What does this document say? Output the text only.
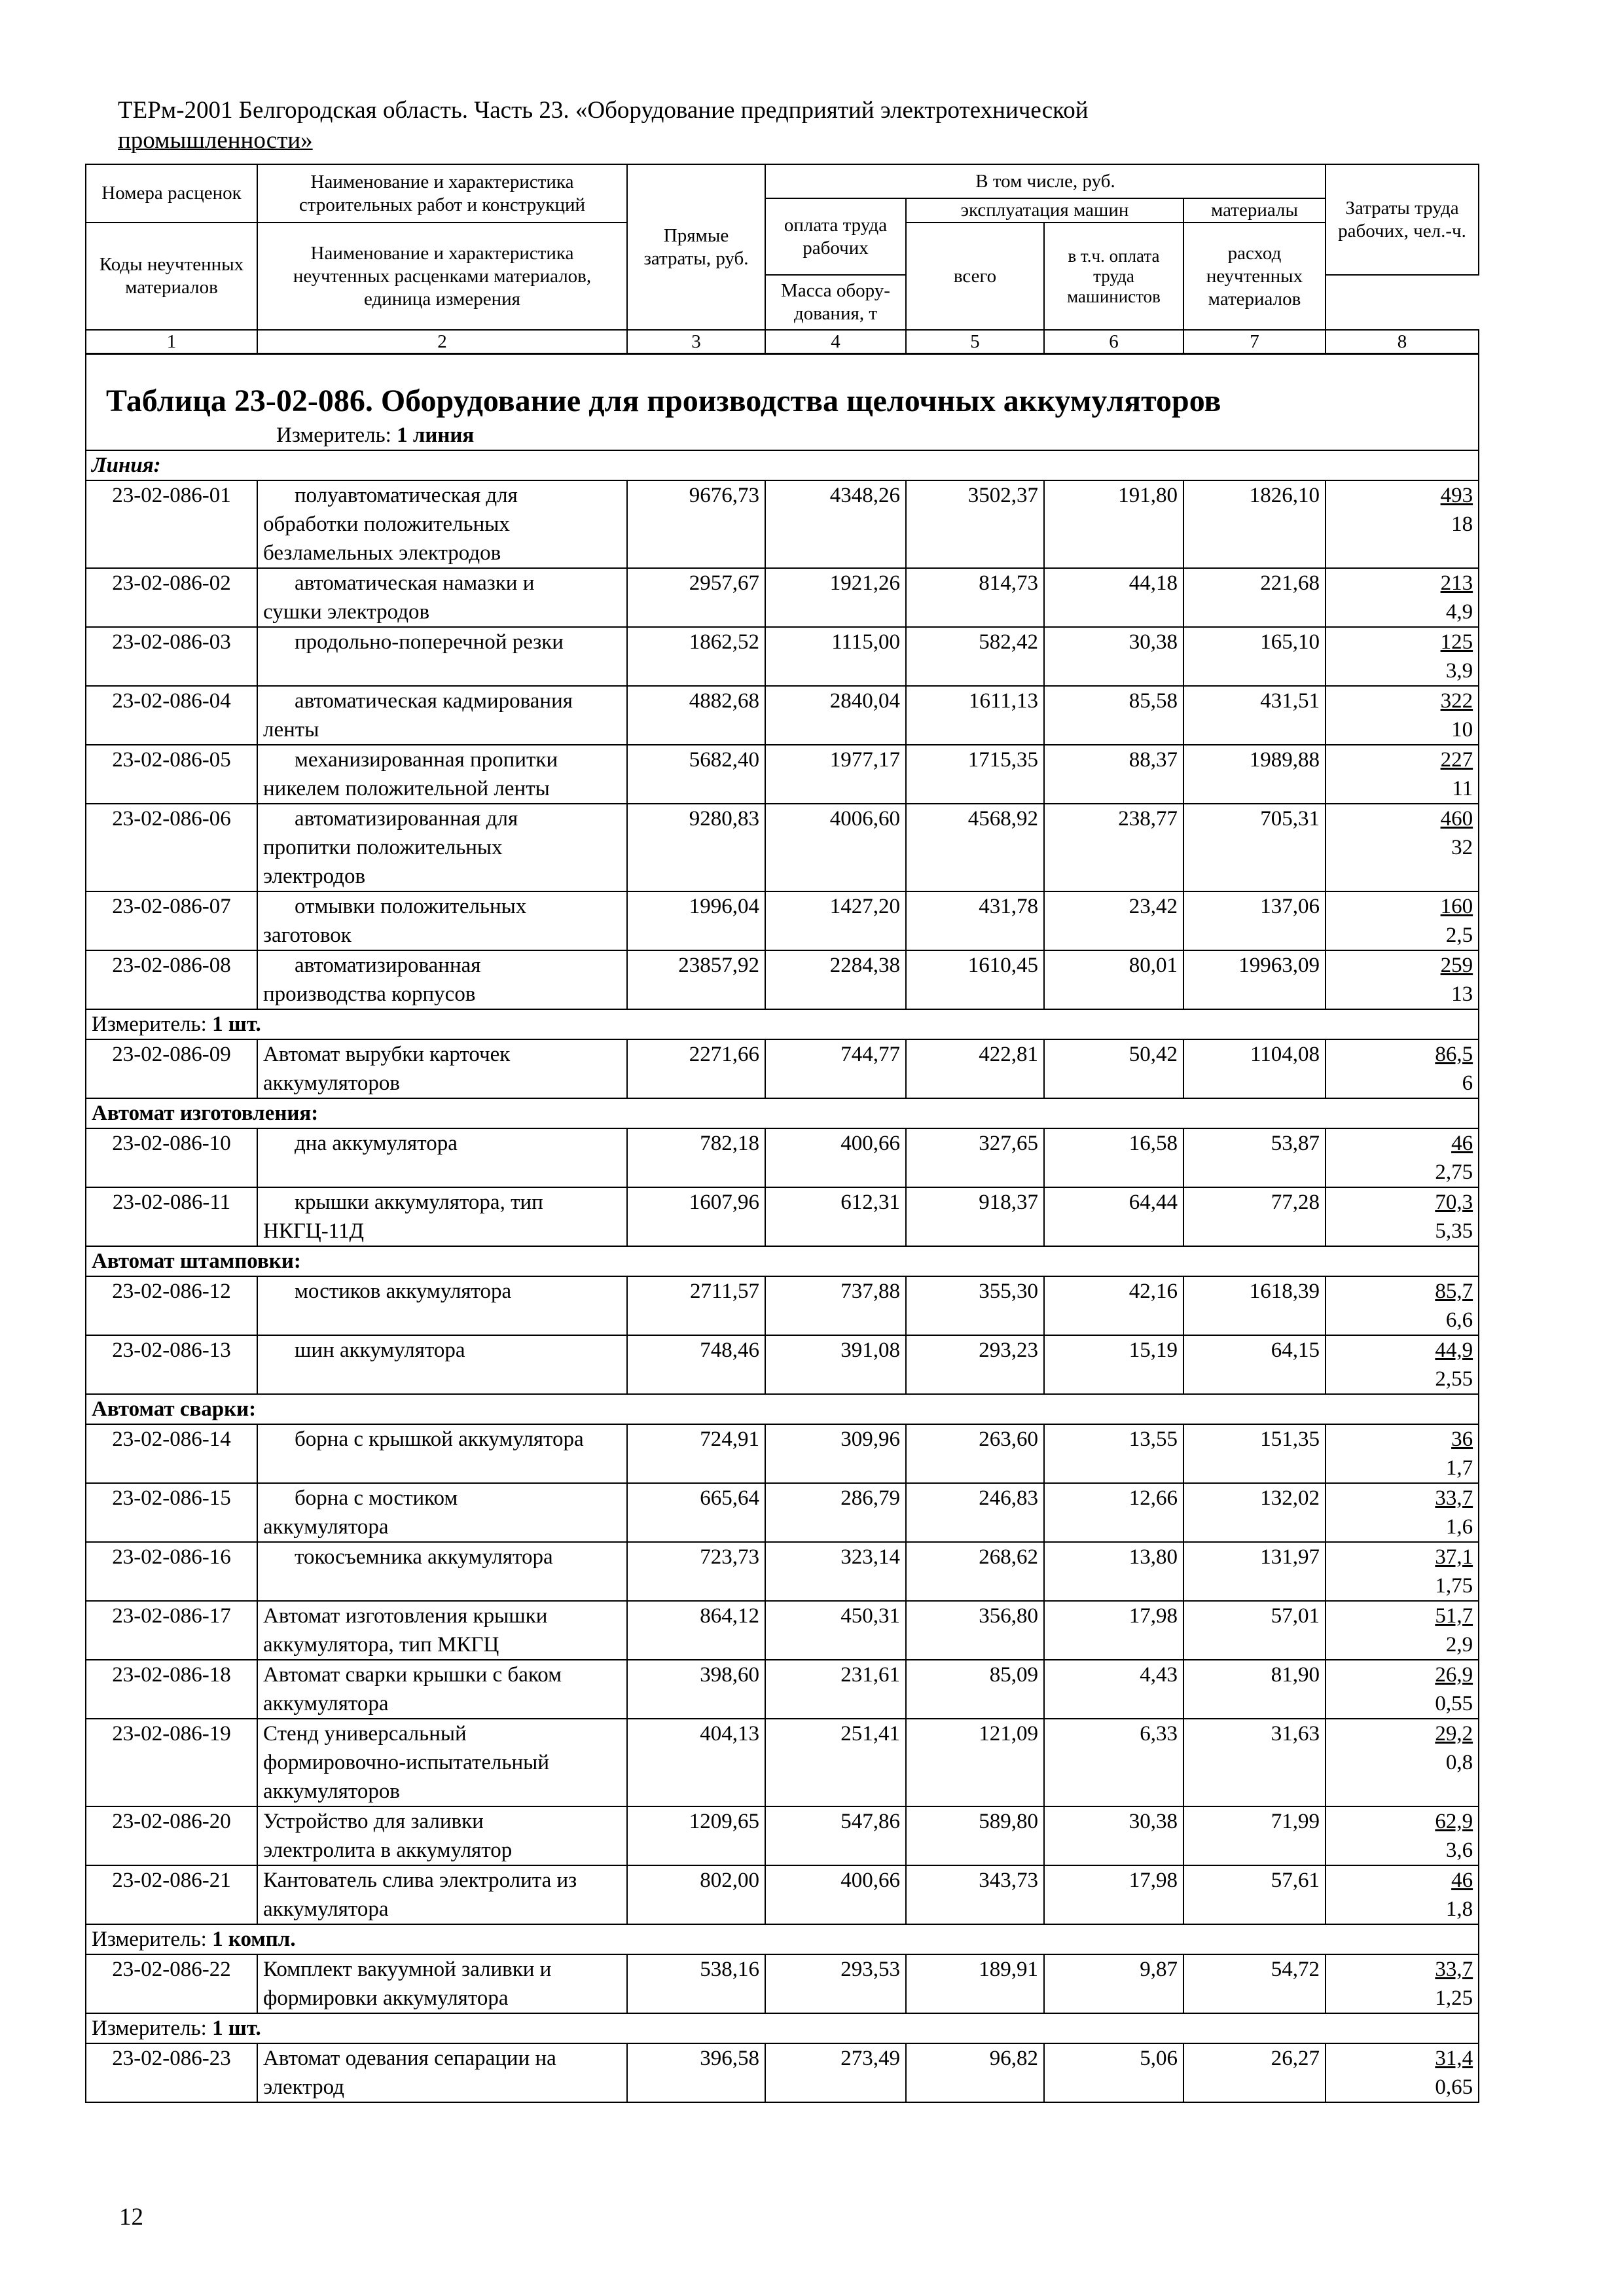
ТЕРм-2001 Белгородская область. Часть 23. «Оборудование предприятий электротехнической
промышленности»
Номера расценок	Наименование и характеристика строительных работ и конструкций	Прямые затраты, руб.	В том числе, руб.				Затраты труда рабочих, чел.-ч.
			оплата труда рабочих	эксплуатация машин		материалы	
Коды неучтенных материалов	Наименование и характеристика неучтенных расценками материалов, единица измерения			всего	в т.ч. оплата труда машинистов	расход неучтенных материалов	

			Масса обору-дования, т				
1	2	3	4	5	6	7	8
Таблица 23-02-086. Оборудование для производства щелочных аккумуляторов
Измеритель: 1 линия							

Линия:							
23-02-086-01	полуавтоматическая для
обработки положительных
безламельных электродов	9676,73	4348,26	3502,37	191,80	1826,10	493
18

23-02-086-02	автоматическая намазки и
сушки электродов	2957,67	1921,26	814,73	44,18	221,68	213
4,9

23-02-086-03	продольно-поперечной резки	1862,52	1115,00	582,42	30,38	165,10	125
3,9

23-02-086-04	автоматическая кадмирования
ленты	4882,68	2840,04	1611,13	85,58	431,51	322
10

23-02-086-05	механизированная пропитки
никелем положительной ленты	5682,40	1977,17	1715,35	88,37	1989,88	227
11

23-02-086-06	автоматизированная для
пропитки положительных
электродов	9280,83	4006,60	4568,92	238,77	705,31	460
32

23-02-086-07	отмывки положительных
заготовок	1996,04	1427,20	431,78	23,42	137,06	160
2,5

23-02-086-08	автоматизированная
производства корпусов	23857,92	2284,38	1610,45	80,01	19963,09	259
13

Измеритель: 1 шт.							
23-02-086-09	Автомат вырубки карточек
аккумуляторов	2271,66	744,77	422,81	50,42	1104,08	86,5
6

Автомат изготовления:							
23-02-086-10	дна аккумулятора	782,18	400,66	327,65	16,58	53,87	46
2,75

23-02-086-11	крышки аккумулятора, тип
НКГЦ-11Д	1607,96	612,31	918,37	64,44	77,28	70,3
5,35

Автомат штамповки:							
23-02-086-12	мостиков аккумулятора	2711,57	737,88	355,30	42,16	1618,39	85,7
6,6

23-02-086-13	шин аккумулятора	748,46	391,08	293,23	15,19	64,15	44,9
2,55

Автомат сварки:							
23-02-086-14	борна с крышкой аккумулятора	724,91	309,96	263,60	13,55	151,35	36
1,7

23-02-086-15	борна с мостиком
аккумулятора	665,64	286,79	246,83	12,66	132,02	33,7
1,6

23-02-086-16	токосъемника аккумулятора	723,73	323,14	268,62	13,80	131,97	37,1
1,75

23-02-086-17	Автомат изготовления крышки
аккумулятора, тип МКГЦ	864,12	450,31	356,80	17,98	57,01	51,7
2,9

23-02-086-18	Автомат сварки крышки с баком
аккумулятора	398,60	231,61	85,09	4,43	81,90	26,9
0,55

23-02-086-19	Стенд универсальный
формировочно-испытательный
аккумуляторов	404,13	251,41	121,09	6,33	31,63	29,2
0,8

23-02-086-20	Устройство для заливки
электролита в аккумулятор	1209,65	547,86	589,80	30,38	71,99	62,9
3,6

23-02-086-21	Кантователь слива электролита из
аккумулятора	802,00	400,66	343,73	17,98	57,61	46
1,8

Измеритель: 1 компл.							
23-02-086-22	Комплект вакуумной заливки и
формировки аккумулятора	538,16	293,53	189,91	9,87	54,72	33,7
1,25

Измеритель: 1 шт.							
23-02-086-23	Автомат одевания сепарации на
электрод	396,58	273,49	96,82	5,06	26,27	31,4
0,65
12
